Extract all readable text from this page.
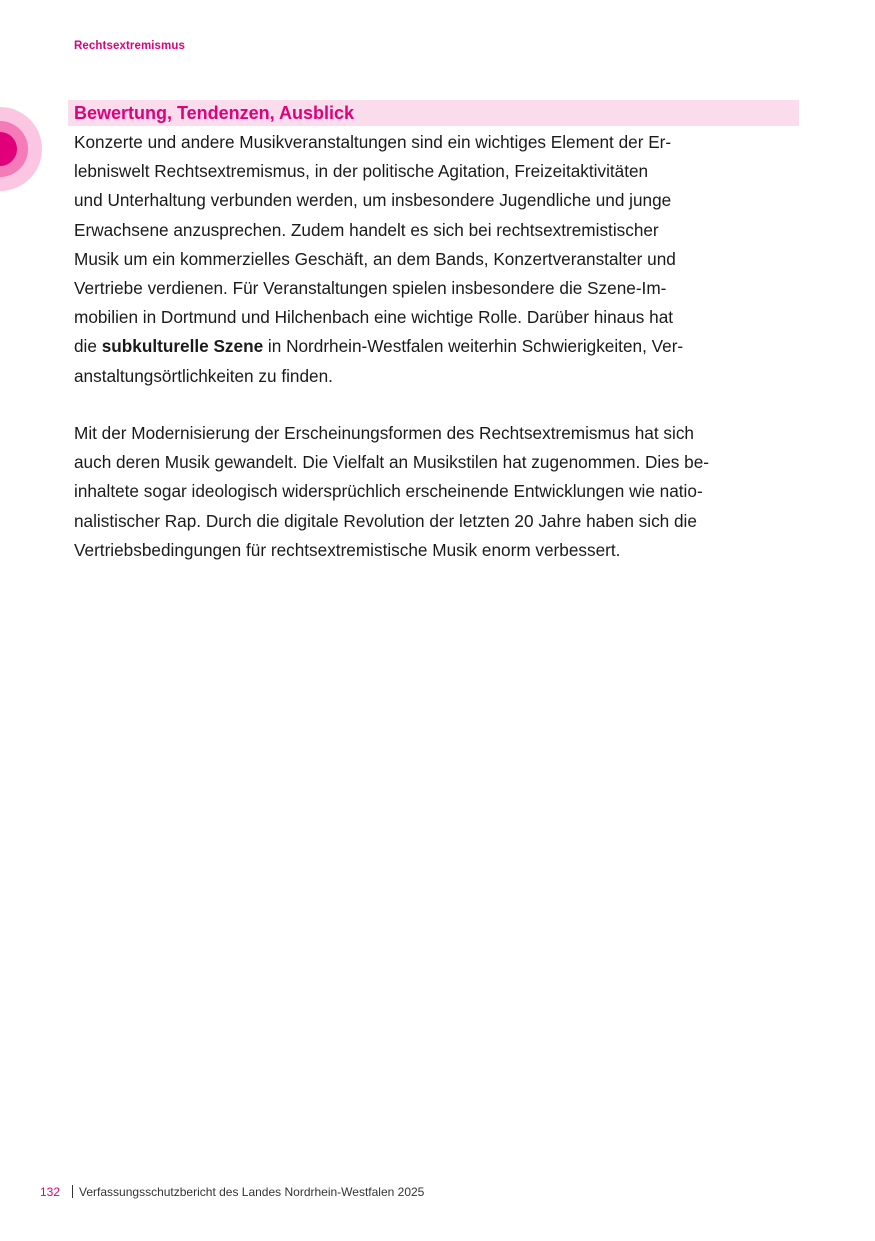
Rechtsextremismus
Bewertung, Tendenzen, Ausblick
Konzerte und andere Musikveranstaltungen sind ein wichtiges Element der Er-
lebniswelt Rechtsextremismus, in der politische Agitation, Freizeitaktivitäten
und Unterhaltung verbunden werden, um insbesondere Jugendliche und junge
Erwachsene anzusprechen. Zudem handelt es sich bei rechtsextremistischer
Musik um ein kommerzielles Geschäft, an dem Bands, Konzertveranstalter und
Vertriebe verdienen. Für Veranstaltungen spielen insbesondere die Szene-Im-
mobilien in Dortmund und Hilchenbach eine wichtige Rolle. Darüber hinaus hat
die subkulturelle Szene in Nordrhein-Westfalen weiterhin Schwierigkeiten, Ver-
anstaltungsörtlichkeiten zu finden.
Mit der Modernisierung der Erscheinungsformen des Rechtsextremismus hat sich
auch deren Musik gewandelt. Die Vielfalt an Musikstilen hat zugenommen. Dies be-
inhaltete sogar ideologisch widersprüchlich erscheinende Entwicklungen wie natio-
nalistischer Rap. Durch die digitale Revolution der letzten 20 Jahre haben sich die
Vertriebsbedingungen für rechtsextremistische Musik enorm verbessert.
132 Verfassungsschutzbericht des Landes Nordrhein-Westfalen 2025
